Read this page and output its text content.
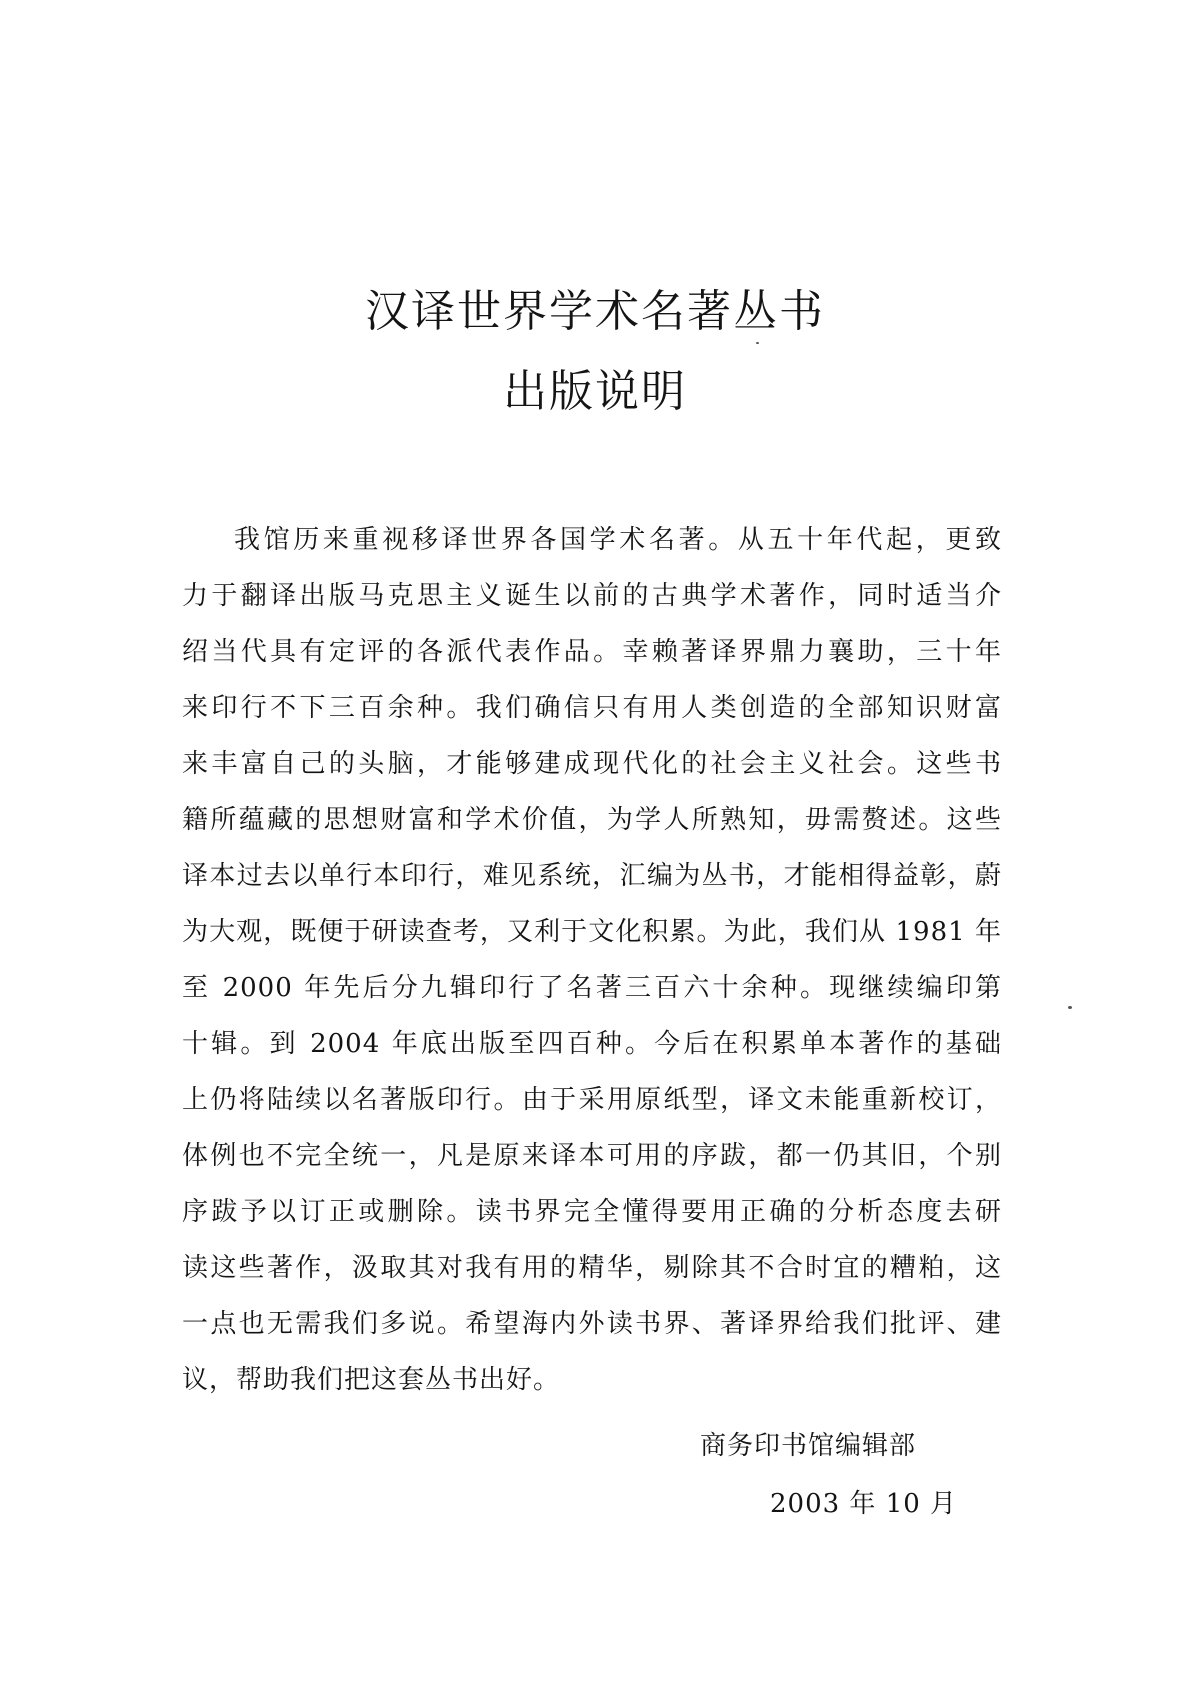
汉译世界学术名著丛书
出版说明
我馆历来重视移译世界各国学术名著。从五十年代起，更致
力于翻译出版马克思主义诞生以前的古典学术著作，同时适当介
绍当代具有定评的各派代表作品。幸赖著译界鼎力襄助，三十年
来印行不下三百余种。我们确信只有用人类创造的全部知识财富
来丰富自己的头脑，才能够建成现代化的社会主义社会。这些书
籍所蕴藏的思想财富和学术价值，为学人所熟知，毋需赘述。这些
译本过去以单行本印行，难见系统，汇编为丛书，才能相得益彰，蔚
为大观，既便于研读查考，又利于文化积累。为此，我们从 1981 年
至 2000 年先后分九辑印行了名著三百六十余种。现继续编印第
十辑。到 2004 年底出版至四百种。今后在积累单本著作的基础
上仍将陆续以名著版印行。由于采用原纸型，译文未能重新校订，
体例也不完全统一，凡是原来译本可用的序跋，都一仍其旧，个别
序跋予以订正或删除。读书界完全懂得要用正确的分析态度去研
读这些著作，汲取其对我有用的精华，剔除其不合时宜的糟粕，这
一点也无需我们多说。希望海内外读书界、著译界给我们批评、建
议，帮助我们把这套丛书出好。
商务印书馆编辑部
2003 年 10 月
